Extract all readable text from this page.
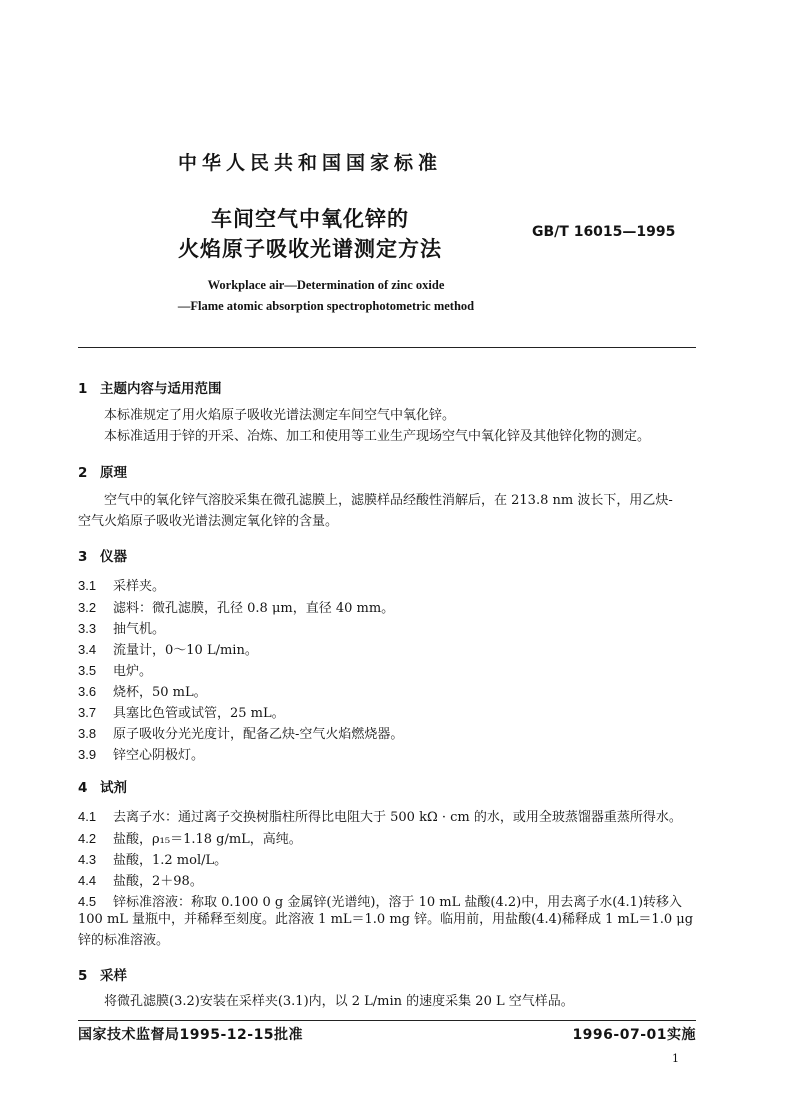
中华人民共和国国家标准
车间空气中氧化锌的
火焰原子吸收光谱测定方法
GB/T 16015—1995
Workplace air—Determination of zinc oxide
—Flame atomic absorption spectrophotometric method
1 主题内容与适用范围
本标准规定了用火焰原子吸收光谱法测定车间空气中氧化锌。
本标准适用于锌的开采、冶炼、加工和使用等工业生产现场空气中氧化锌及其他锌化物的测定。
2 原理
空气中的氧化锌气溶胶采集在微孔滤膜上，滤膜样品经酸性消解后，在 213.8 nm 波长下，用乙炔-
空气火焰原子吸收光谱法测定氧化锌的含量。
3 仪器
3.1 采样夹。
3.2 滤料：微孔滤膜，孔径 0.8 μm，直径 40 mm。
3.3 抽气机。
3.4 流量计，0～10 L/min。
3.5 电炉。
3.6 烧杯，50 mL。
3.7 具塞比色管或试管，25 mL。
3.8 原子吸收分光光度计，配备乙炔-空气火焰燃烧器。
3.9 锌空心阴极灯。
4 试剂
4.1 去离子水：通过离子交换树脂柱所得比电阻大于 500 kΩ · cm 的水，或用全玻蒸馏器重蒸所得水。
4.2 盐酸，ρ₁₅＝1.18 g/mL，高纯。
4.3 盐酸，1.2 mol/L。
4.4 盐酸，2＋98。
4.5 锌标准溶液：称取 0.100 0 g 金属锌(光谱纯)，溶于 10 mL 盐酸(4.2)中，用去离子水(4.1)转移入
100 mL 量瓶中，并稀释至刻度。此溶液 1 mL＝1.0 mg 锌。临用前，用盐酸(4.4)稀释成 1 mL＝1.0 μg
锌的标准溶液。
5 采样
将微孔滤膜(3.2)安装在采样夹(3.1)内，以 2 L/min 的速度采集 20 L 空气样品。
国家技术监督局1995-12-15批准	1996-07-01实施
1
